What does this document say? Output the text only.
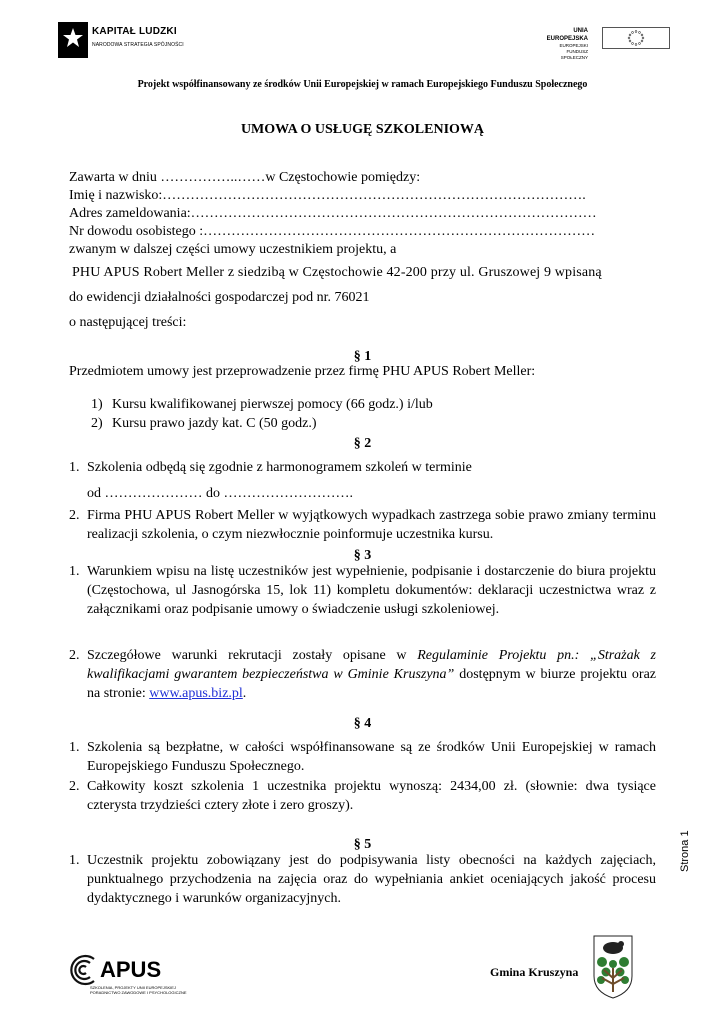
KAPITAŁ LUDZKI
NARODOWA STRATEGIA SPÓJNOŚCI
UNIA EUROPEJSKA
EUROPEJSKI
FUNDUSZ SPOŁECZNY
Projekt współfinansowany ze środków Unii Europejskiej w ramach Europejskiego Funduszu Społecznego
UMOWA O USŁUGĘ SZKOLENIOWĄ
Zawarta w dniu ……………..……w Częstochowie pomiędzy:
Imię i nazwisko:……………………………………………………………………………….
Adres zameldowania:……………………………………………………………………………
Nr dowodu osobistego :…………………………………………………………………………
zwanym w dalszej części umowy uczestnikiem projektu, a
PHU APUS Robert Meller z siedzibą w Częstochowie 42-200 przy ul. Gruszowej 9 wpisaną
do ewidencji działalności gospodarczej pod nr. 76021
o następującej treści:
§ 1
Przedmiotem umowy jest przeprowadzenie przez firmę PHU APUS Robert Meller:
1) Kursu kwalifikowanej pierwszej pomocy (66 godz.) i/lub
2) Kursu prawo jazdy kat. C (50 godz.)
§ 2
1. Szkolenia odbędą się zgodnie z harmonogramem szkoleń w terminie
od ………………… do ……………………….
2. Firma PHU APUS Robert Meller w wyjątkowych wypadkach zastrzega sobie prawo zmiany terminu realizacji szkolenia, o czym niezwłocznie poinformuje uczestnika kursu.
§ 3
1. Warunkiem wpisu na listę uczestników jest wypełnienie, podpisanie i dostarczenie do biura projektu (Częstochowa, ul Jasnogórska 15, lok 11) kompletu dokumentów: deklaracji uczestnictwa wraz z załącznikami oraz podpisanie umowy o świadczenie usługi szkoleniowej.
2. Szczegółowe warunki rekrutacji zostały opisane w Regulaminie Projektu pn.: „Strażak z kwalifikacjami gwarantem bezpieczeństwa w Gminie Kruszyna” dostępnym w biurze projektu oraz na stronie: www.apus.biz.pl.
§ 4
1. Szkolenia są bezpłatne, w całości współfinansowane są ze środków Unii Europejskiej w ramach Europejskiego Funduszu Społecznego.
2. Całkowity koszt szkolenia 1 uczestnika projektu wynoszą: 2434,00 zł. (słownie: dwa tysiące czterysta trzydzieści cztery złote i zero groszy).
§ 5
1. Uczestnik projektu zobowiązany jest do podpisywania listy obecności na każdych zajęciach, punktualnego przychodzenia na zajęcia oraz do wypełniania ankiet oceniających jakość procesu dydaktycznego i warunków organizacyjnych.
APUS
SZKOLENIA, PROJEKTY UNII EUROPEJSKIEJ
PORADNICTWO ZAWODOWE I PSYCHOLOGICZNE
Gmina Kruszyna
Strona 1
